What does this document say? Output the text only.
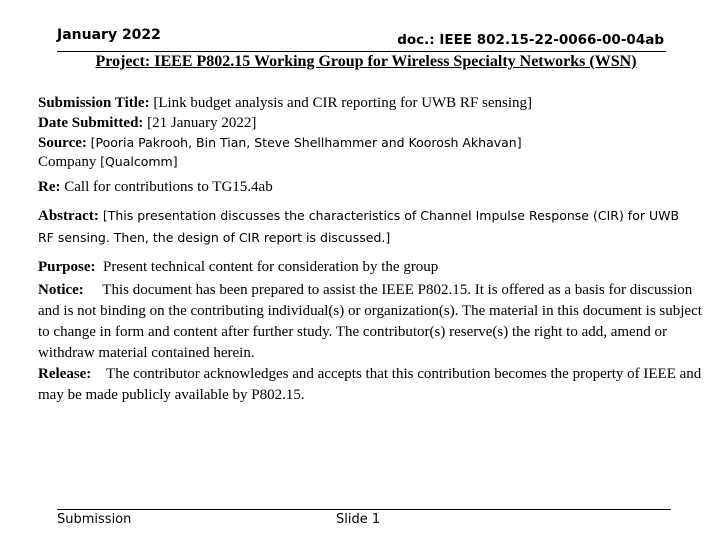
January 2022	doc.: IEEE 802.15-22-0066-00-04ab
Project: IEEE P802.15 Working Group for Wireless Specialty Networks (WSN)
Submission Title: [Link budget analysis and CIR reporting for UWB RF sensing]
Date Submitted: [21 January 2022]
Source: [Pooria Pakrooh, Bin Tian, Steve Shellhammer and Koorosh Akhavan]
Company [Qualcomm]
Re: Call for contributions to TG15.4ab
Abstract: [This presentation discusses the characteristics of Channel Impulse Response (CIR) for UWB RF sensing. Then, the design of CIR report is discussed.]
Purpose: Present technical content for consideration by the group
Notice: This document has been prepared to assist the IEEE P802.15. It is offered as a basis for discussion and is not binding on the contributing individual(s) or organization(s). The material in this document is subject to change in form and content after further study. The contributor(s) reserve(s) the right to add, amend or withdraw material contained herein.
Release: The contributor acknowledges and accepts that this contribution becomes the property of IEEE and may be made publicly available by P802.15.
Submission	Slide 1
